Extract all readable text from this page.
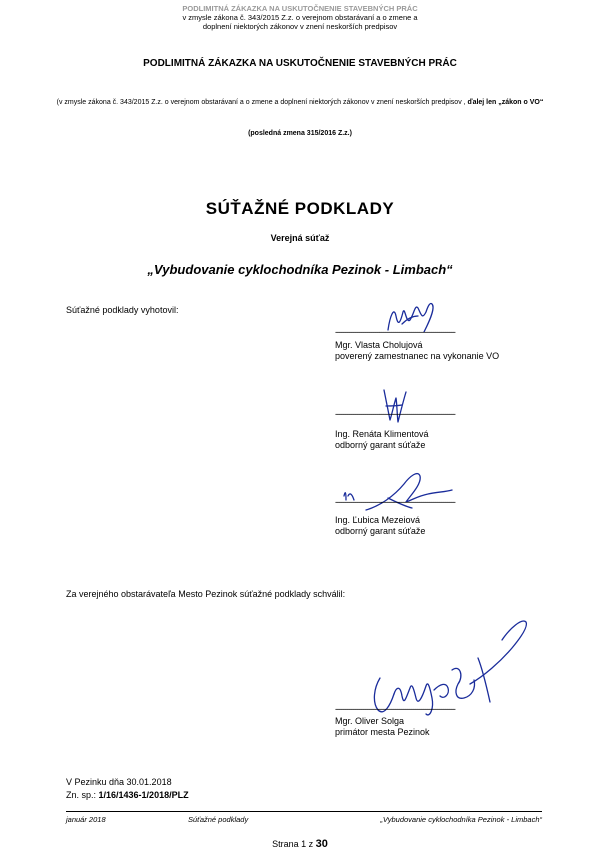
PODLIMITNÁ ZÁKAZKA NA USKUTOČNENIE STAVEBNÝCH PRÁC
v zmysle zákona č. 343/2015 Z.z. o verejnom obstarávaní a o zmene a
doplnení niektorých zákonov v znení neskorších predpisov
PODLIMITNÁ ZÁKAZKA NA USKUTOČNENIE STAVEBNÝCH PRÁC
(v zmysle zákona č. 343/2015 Z.z. o verejnom obstarávaní a o zmene a doplnení niektorých zákonov v znení neskorších predpisov , ďalej len „zákon o VO“
(posledná zmena 315/2016 Z.z.)
SÚŤAŽNÉ PODKLADY
Verejná súťaž
„Vybudovanie cyklochodníka Pezinok - Limbach“
Súťažné podklady vyhotovil:
------------------------------------------------------------
Mgr. Vlasta Cholujová
poverený zamestnanec na vykonanie VO
------------------------------------------------------------
Ing. Renáta Klimentová
odborný garant súťaže
------------------------------------------------------------
Ing. Ľubica Mezeiová
odborný garant súťaže
Za verejného obstarávateľa Mesto Pezinok súťažné podklady schválil:
------------------------------------------------------------
Mgr. Oliver Solga
primátor mesta Pezinok
V Pezinku dňa 30.01.2018
Zn. sp.: 1/16/1436-1/2018/PLZ
január 2018	Súťažné podklady	„Vybudovanie cyklochodníka Pezinok - Limbach“
Strana 1 z 30
